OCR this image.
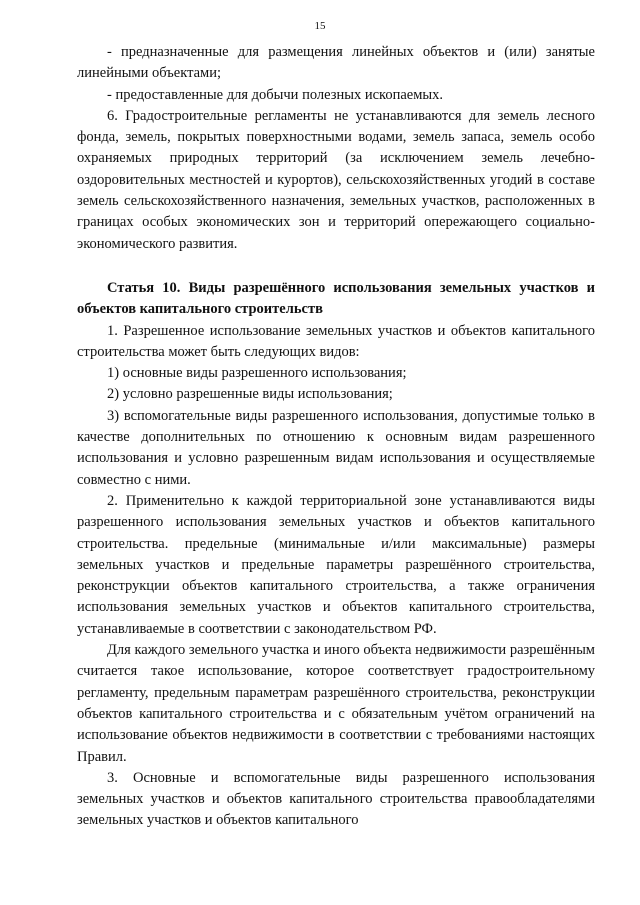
15

- предназначенные для размещения линейных объектов и (или) занятые линейными объектами;

- предоставленные для добычи полезных ископаемых.

6. Градостроительные регламенты не устанавливаются для земель лесного фонда, земель, покрытых поверхностными водами, земель запаса, земель особо охраняемых природных территорий (за исключением земель лечебно-оздоровительных местностей и курортов), сельскохозяйственных угодий в составе земель сельскохозяйственного назначения, земельных участков, расположенных в границах особых экономических зон и территорий опережающего социально-экономического развития.

Статья 10. Виды разрешённого использования земельных участков и объектов капитального строительств

1. Разрешенное использование земельных участков и объектов капитального строительства может быть следующих видов:

1) основные виды разрешенного использования;

2) условно разрешенные виды использования;

3) вспомогательные виды разрешенного использования, допустимые только в качестве дополнительных по отношению к основным видам разрешенного использования и условно разрешенным видам использования и осуществляемые совместно с ними.

2. Применительно к каждой территориальной зоне устанавливаются виды разрешенного использования земельных участков и объектов капитального строительства. предельные (минимальные и/или максимальные) размеры земельных участков и предельные параметры разрешённого строительства, реконструкции объектов капитального строительства, а также ограничения использования земельных участков и объектов капитального строительства, устанавливаемые в соответствии с законодательством РФ.

Для каждого земельного участка и иного объекта недвижимости разрешённым считается такое использование, которое соответствует градостроительному регламенту, предельным параметрам разрешённого строительства, реконструкции объектов капитального строительства и с обязательным учётом ограничений на использование объектов недвижимости в соответствии с требованиями настоящих Правил.

3. Основные и вспомогательные виды разрешенного использования земельных участков и объектов капитального строительства правообладателями земельных участков и объектов капитального
